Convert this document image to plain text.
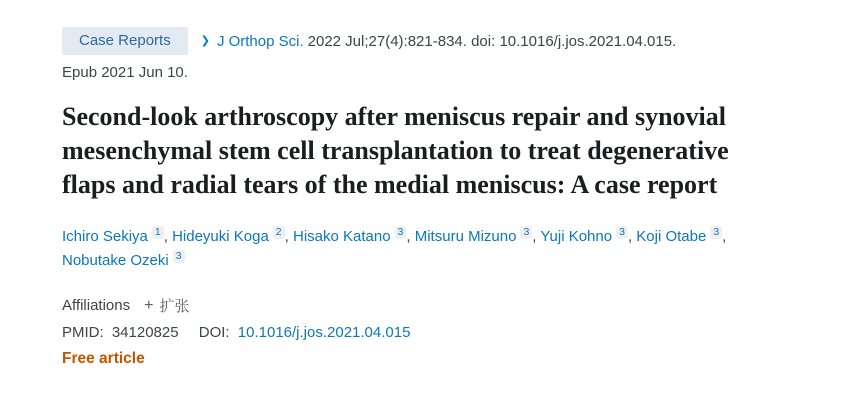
Case Reports	❯ J Orthop Sci. 2022 Jul;27(4):821-834. doi: 10.1016/j.jos.2021.04.015.
Epub 2021 Jun 10.
Second-look arthroscopy after meniscus repair and synovial mesenchymal stem cell transplantation to treat degenerative flaps and radial tears of the medial meniscus: A case report
Ichiro Sekiya $^1$ , Hideyuki Koga $^2$ , Hisako Katano $^3$ , Mitsuru Mizuno $^3$ , Yuji Kohno $^3$ , Koji Otabe $^3$ , Nobutake Ozeki $^3$
Affiliations + 扩张
PMID: 34120825 DOI: 10.1016/j.jos.2021.04.015
Free article
